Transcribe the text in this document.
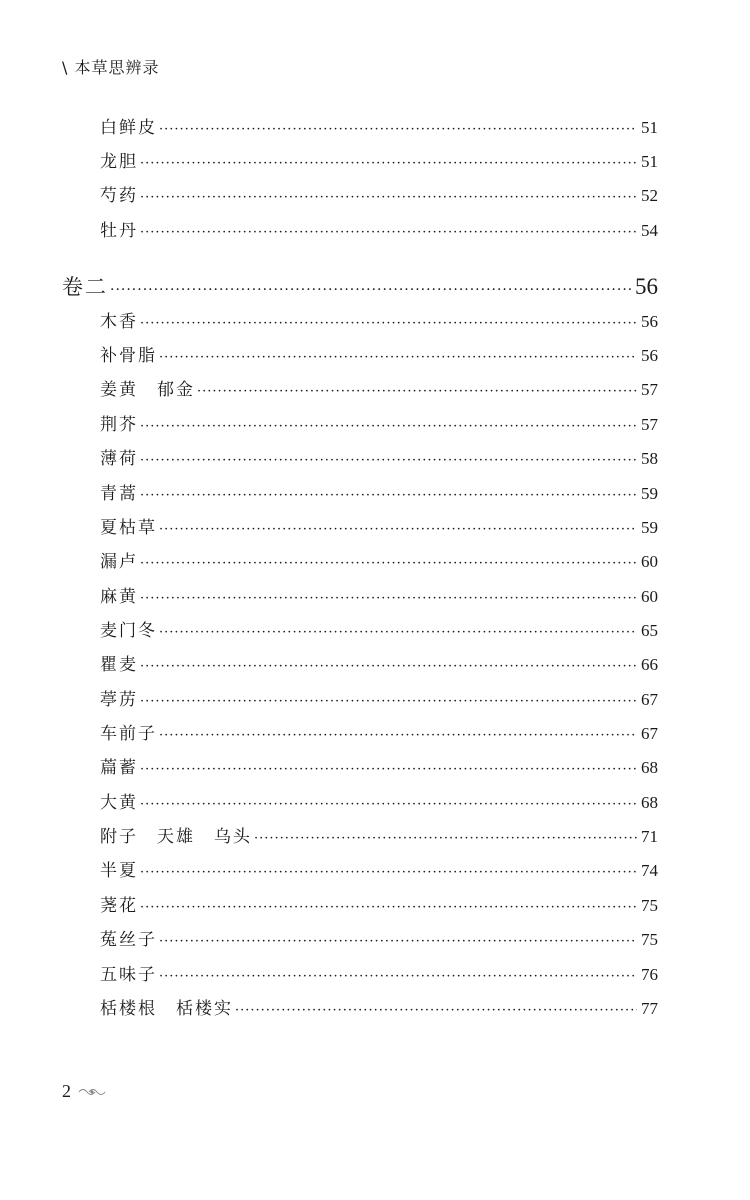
\ 本草思辨录
白鲜皮 ·····	51
龙胆 ·····	51
芍药 ·····	52
牡丹 ·····	54
卷二 ·····	56
木香 ·····	56
补骨脂 ·····	56
姜黄　郁金 ·····	57
荆芥 ·····	57
薄荷 ·····	58
青蒿 ·····	59
夏枯草 ·····	59
漏卢 ·····	60
麻黄 ·····	60
麦门冬 ·····	65
瞿麦 ·····	66
葶苈 ·····	67
车前子 ·····	67
萹蓄 ·····	68
大黄 ·····	68
附子　天雄　乌头 ·····	71
半夏 ·····	74
荛花 ·····	75
菟丝子 ·····	75
五味子 ·····	76
栝楼根　栝楼实 ·····	77
2
